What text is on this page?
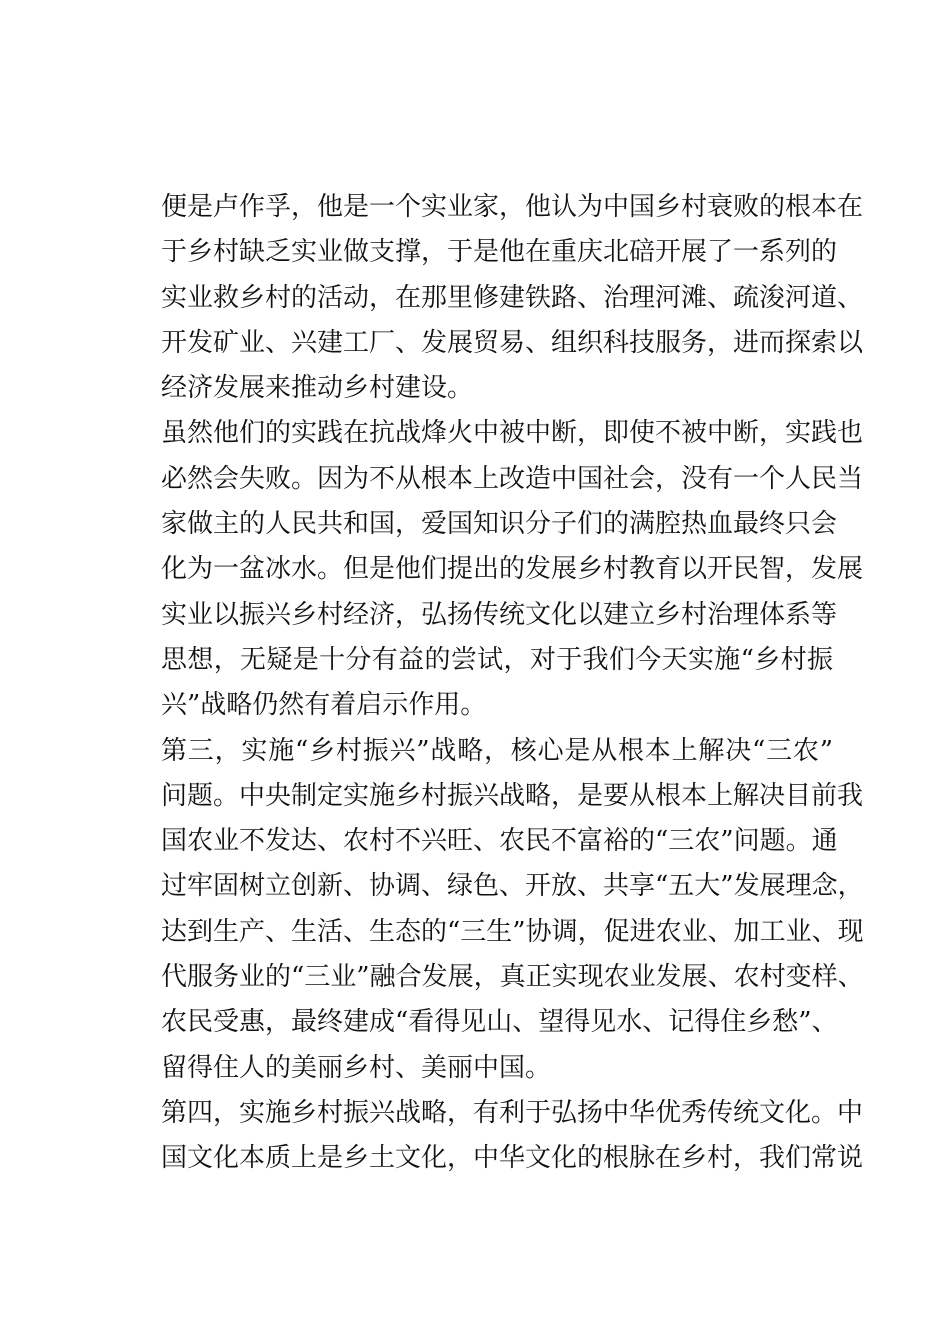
便是卢作孚，他是一个实业家，他认为中国乡村衰败的根本在
于乡村缺乏实业做支撑，于是他在重庆北碚开展了一系列的
实业救乡村的活动，在那里修建铁路、治理河滩、疏浚河道、
开发矿业、兴建工厂、发展贸易、组织科技服务，进而探索以
经济发展来推动乡村建设。
虽然他们的实践在抗战烽火中被中断，即使不被中断，实践也
必然会失败。因为不从根本上改造中国社会，没有一个人民当
家做主的人民共和国，爱国知识分子们的满腔热血最终只会
化为一盆冰水。但是他们提出的发展乡村教育以开民智，发展
实业以振兴乡村经济，弘扬传统文化以建立乡村治理体系等
思想，无疑是十分有益的尝试，对于我们今天实施“乡村振
兴”战略仍然有着启示作用。
第三，实施“乡村振兴”战略，核心是从根本上解决“三农”
问题。中央制定实施乡村振兴战略，是要从根本上解决目前我
国农业不发达、农村不兴旺、农民不富裕的“三农”问题。通
过牢固树立创新、协调、绿色、开放、共享“五大”发展理念，
达到生产、生活、生态的“三生”协调，促进农业、加工业、现
代服务业的“三业”融合发展，真正实现农业发展、农村变样、
农民受惠，最终建成“看得见山、望得见水、记得住乡愁”、
留得住人的美丽乡村、美丽中国。
第四，实施乡村振兴战略，有利于弘扬中华优秀传统文化。中
国文化本质上是乡土文化，中华文化的根脉在乡村，我们常说
